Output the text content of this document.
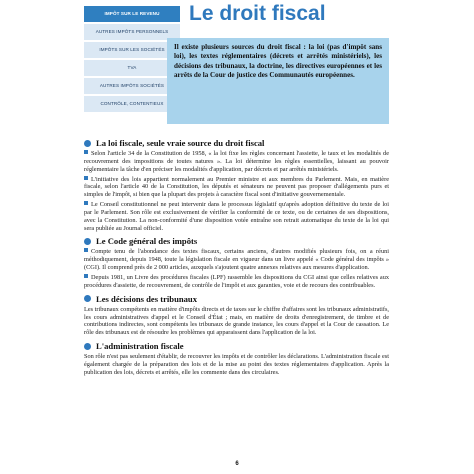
IMPÔT SUR LE REVENU
AUTRES IMPÔTS PERSONNELS
IMPÔTS SUR LES SOCIÉTÉS
TVA
AUTRES IMPÔTS SOCIÉTÉS
CONTRÔLE, CONTENTIEUX
Le droit fiscal
Il existe plusieurs sources du droit fiscal : la loi (pas d'impôt sans loi), les textes réglementaires (décrets et arrêtés ministériels), les décisions des tribunaux, la doctrine, les directives européennes et les arrêts de la Cour de justice des Communautés européennes.
La loi fiscale, seule vraie source du droit fiscal

Selon l'article 34 de la Constitution de 1958, « la loi fixe les règles concernant l'assiette, le taux et les modalités de recouvrement des impositions de toutes natures ». La loi détermine les règles essentielles, laissant au pouvoir réglementaire la tâche d'en préciser les modalités d'application, par décrets et par arrêtés ministériels.

L'initiative des lois appartient normalement au Premier ministre et aux membres du Parlement. Mais, en matière fiscale, selon l'article 40 de la Constitution, les députés et sénateurs ne peuvent pas proposer d'allégements purs et simples de l'impôt, si bien que la plupart des projets à caractère fiscal sont d'initiative gouvernementale.

Le Conseil constitutionnel ne peut intervenir dans le processus législatif qu'après adoption définitive du texte de loi par le Parlement. Son rôle est exclusivement de vérifier la conformité de ce texte, ou de certaines de ses dispositions, avec la Constitution. La non-conformité d'une disposition votée entraîne son retrait automatique du texte de la loi qui sera publiée au Journal officiel.

Le Code général des impôts

Compte tenu de l'abondance des textes fiscaux, certains anciens, d'autres modifiés plusieurs fois, on a réuni méthodiquement, depuis 1948, toute la législation fiscale en vigueur dans un livre appelé « Code général des impôts » (CGI). Il comprend près de 2 000 articles, auxquels s'ajoutent quatre annexes relatives aux mesures d'application.

Depuis 1981, un Livre des procédures fiscales (LPF) rassemble les dispositions du CGI ainsi que celles relatives aux procédures d'assiette, de recouvrement, de contrôle de l'impôt et aux garanties, voie et de recours des contribuables.

Les décisions des tribunaux

Les tribunaux compétents en matière d'impôts directs et de taxes sur le chiffre d'affaires sont les tribunaux administratifs, les cours administratives d'appel et le Conseil d'État ; mais, en matière de droits d'enregistrement, de timbre et de contributions indirectes, sont compétents les tribunaux de grande instance, les cours d'appel et la Cour de cassation. Le rôle des tribunaux est de résoudre les problèmes qui apparaissent dans l'application de la loi.

L'administration fiscale

Son rôle n'est pas seulement d'établir, de recouvrer les impôts et de contrôler les déclarations. L'administration fiscale est également chargée de la préparation des lois et de la mise au point des textes réglementaires d'application. Après la publication des lois, décrets et arrêtés, elle les commente dans des circulaires.

6
